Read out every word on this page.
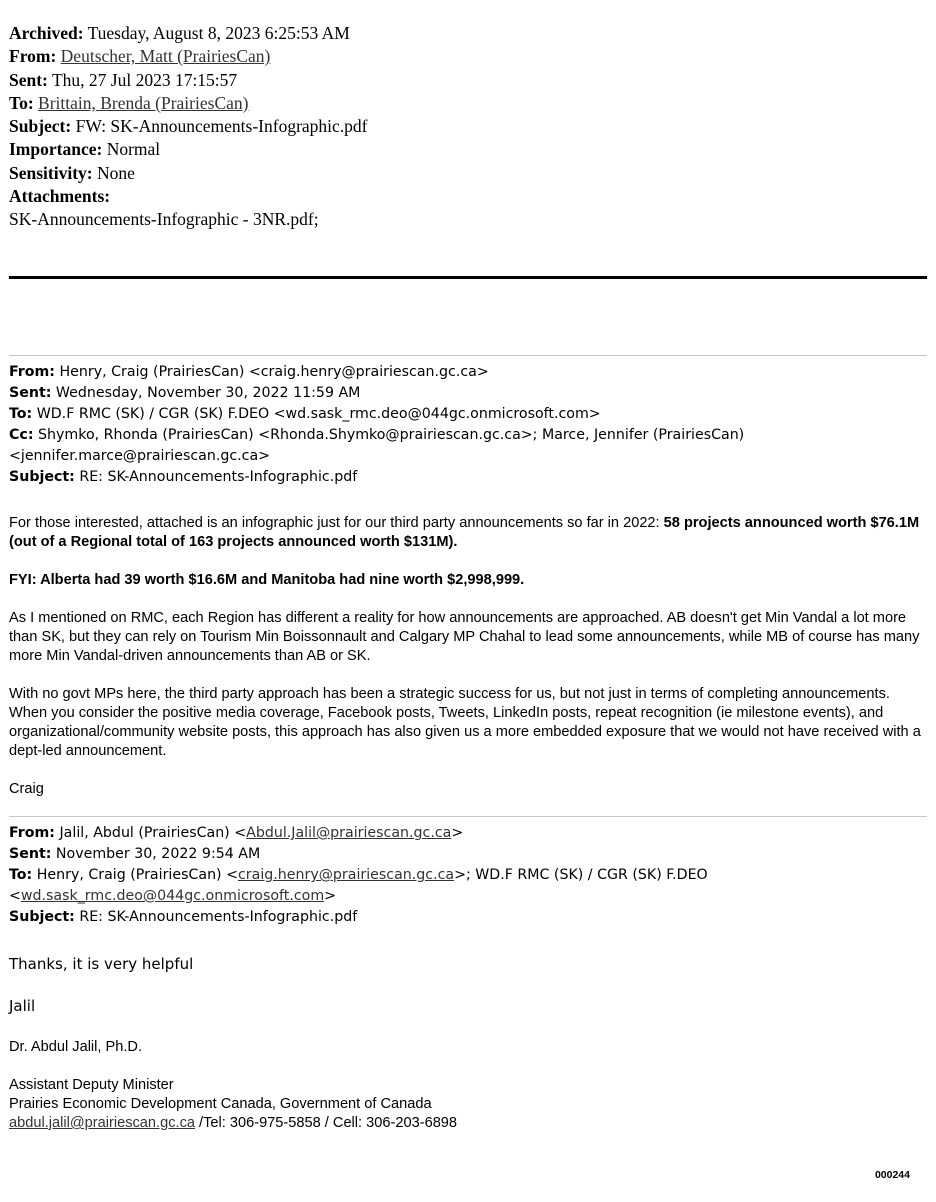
Archived: Tuesday, August 8, 2023 6:25:53 AM
From: Deutscher, Matt (PrairiesCan)
Sent: Thu, 27 Jul 2023 17:15:57
To: Brittain, Brenda (PrairiesCan)
Subject: FW: SK-Announcements-Infographic.pdf
Importance: Normal
Sensitivity: None
Attachments:
SK-Announcements-Infographic - 3NR.pdf;
From: Henry, Craig (PrairiesCan) <craig.henry@prairiescan.gc.ca>
Sent: Wednesday, November 30, 2022 11:59 AM
To: WD.F RMC (SK) / CGR (SK) F.DEO <wd.sask_rmc.deo@044gc.onmicrosoft.com>
Cc: Shymko, Rhonda (PrairiesCan) <Rhonda.Shymko@prairiescan.gc.ca>; Marce, Jennifer (PrairiesCan)
<jennifer.marce@prairiescan.gc.ca>
Subject: RE: SK-Announcements-Infographic.pdf

For those interested, attached is an infographic just for our third party announcements so far in 2022: 58 projects announced worth $76.1M (out of a Regional total of 163 projects announced worth $131M).

FYI: Alberta had 39 worth $16.6M and Manitoba had nine worth $2,998,999.

As I mentioned on RMC, each Region has different a reality for how announcements are approached. AB doesn't get Min Vandal a lot more than SK, but they can rely on Tourism Min Boissonnault and Calgary MP Chahal to lead some announcements, while MB of course has many more Min Vandal-driven announcements than AB or SK.

With no govt MPs here, the third party approach has been a strategic success for us, but not just in terms of completing announcements. When you consider the positive media coverage, Facebook posts, Tweets, LinkedIn posts, repeat recognition (ie milestone events), and organizational/community website posts, this approach has also given us a more embedded exposure that we would not have received with a dept-led announcement.

Craig

From: Jalil, Abdul (PrairiesCan) <Abdul.Jalil@prairiescan.gc.ca>
Sent: November 30, 2022 9:54 AM
To: Henry, Craig (PrairiesCan) <craig.henry@prairiescan.gc.ca>; WD.F RMC (SK) / CGR (SK) F.DEO
<wd.sask_rmc.deo@044gc.onmicrosoft.com>
Subject: RE: SK-Announcements-Infographic.pdf
Thanks, it is very helpful
Jalil
Dr. Abdul Jalil, Ph.D.
Assistant Deputy Minister
Prairies Economic Development Canada, Government of Canada
abdul.jalil@prairiescan.gc.ca /Tel: 306-975-5858 / Cell: 306-203-6898
000244
